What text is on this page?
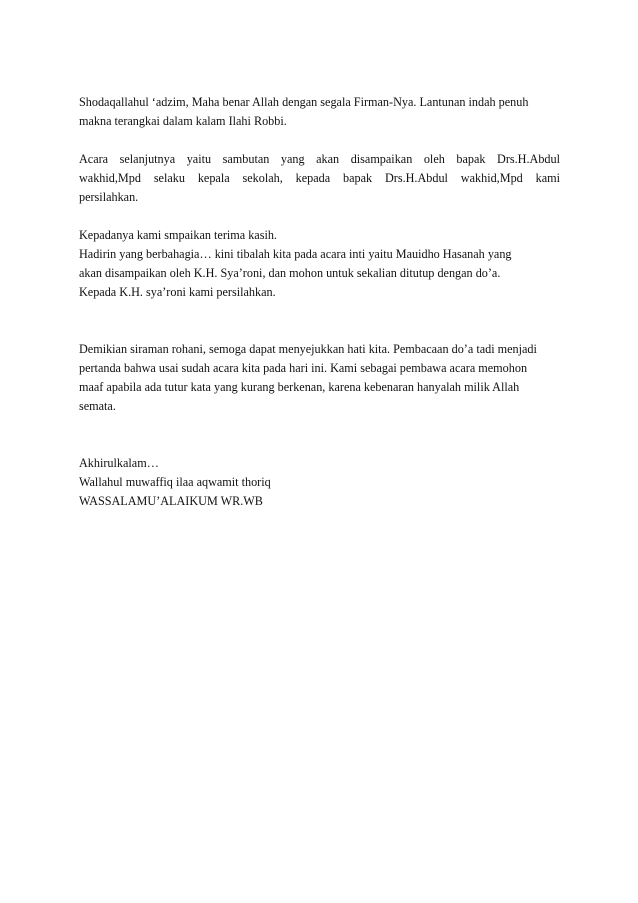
Shodaqallahul ‘adzim, Maha benar Allah dengan segala Firman-Nya. Lantunan indah penuh
makna terangkai dalam kalam Ilahi Robbi.

Acara selanjutnya yaitu sambutan yang akan disampaikan oleh bapak Drs.H.Abdul
wakhid,Mpd selaku kepala sekolah, kepada bapak Drs.H.Abdul wakhid,Mpd kami
persilahkan.

Kepadanya kami smpaikan terima kasih.
Hadirin yang berbahagia… kini tibalah kita pada acara inti yaitu Mauidho Hasanah yang
akan disampaikan oleh K.H. Sya’roni, dan mohon untuk sekalian ditutup dengan do’a.
Kepada K.H. sya’roni kami persilahkan.

Demikian siraman rohani, semoga dapat menyejukkan hati kita. Pembacaan do’a tadi menjadi
pertanda bahwa usai sudah acara kita pada hari ini. Kami sebagai pembawa acara memohon
maaf apabila ada tutur kata yang kurang berkenan, karena kebenaran hanyalah milik Allah
semata.

Akhirulkalam…
Wallahul muwaffiq ilaa aqwamit thoriq
WASSALAMU’ALAIKUM WR.WB
